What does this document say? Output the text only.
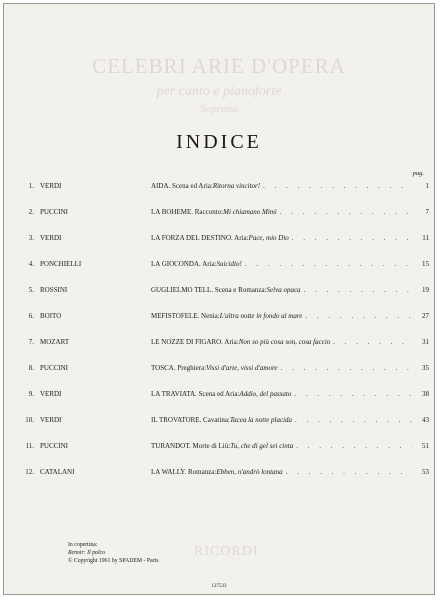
CELEBRI ARIE D'OPERA
per canto e pianoforte
Soprano
RICORDI
INDICE
pag.
1. VERDI	AIDA. Scena ed Aria: Ritorna vincitor! . . .	1
2. PUCCINI	LA BOHEME. Racconto: Mi chiamano Mimì . . .	7
3. VERDI	LA FORZA DEL DESTINO. Aria: Pace, mio Dio . . .	11
4. PONCHIELLI	LA GIOCONDA. Aria: Suicidio! . . .	15
5. ROSSINI	GUGLIELMO TELL. Scena e Romanza: Selva opaca . . .	19
6. BOITO	MEFISTOFELE. Nenia: L'altra notte in fondo al mare . . .	27
7. MOZART	LE NOZZE DI FIGARO. Aria: Non so più cosa son, cosa faccio . . .	31
8. PUCCINI	TOSCA. Preghiera: Vissi d'arte, vissi d'amore . . .	35
9. VERDI	LA TRAVIATA. Scena ed Aria: Addio, del passato . . .	38
10. VERDI	IL TROVATORE. Cavatina: Tacea la notte placida . . .	43
11. PUCCINI	TURANDOT. Morte di Liù: Tu, che di gel sei cinta . . .	51
12. CATALANI	LA WALLY. Romanza: Ebben, n'andrò lontana . . .	53
In copertina:
Renoir: Il palco
© Copyright 1961 by SPADEM - Paris
127533
